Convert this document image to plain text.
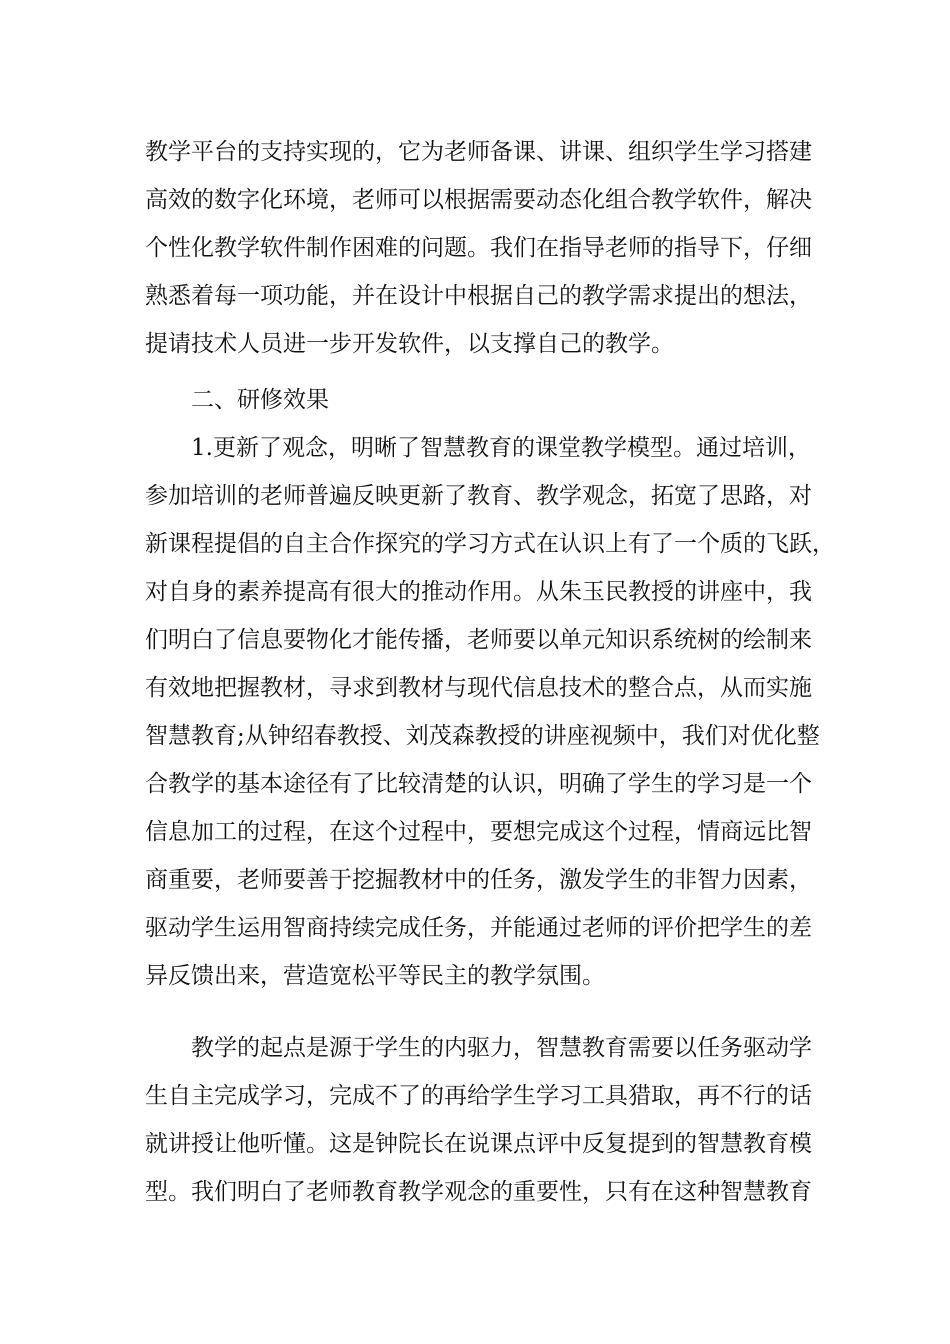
教学平台的支持实现的，它为老师备课、讲课、组织学生学习搭建
高效的数字化环境，老师可以根据需要动态化组合教学软件，解决
个性化教学软件制作困难的问题。我们在指导老师的指导下，仔细
熟悉着每一项功能，并在设计中根据自己的教学需求提出的想法，
提请技术人员进一步开发软件，以支撑自己的教学。
二、研修效果
1.更新了观念，明晰了智慧教育的课堂教学模型。通过培训，
参加培训的老师普遍反映更新了教育、教学观念，拓宽了思路，对
新课程提倡的自主合作探究的学习方式在认识上有了一个质的飞跃，
对自身的素养提高有很大的推动作用。从朱玉民教授的讲座中，我
们明白了信息要物化才能传播，老师要以单元知识系统树的绘制来
有效地把握教材，寻求到教材与现代信息技术的整合点，从而实施
智慧教育;从钟绍春教授、刘茂森教授的讲座视频中，我们对优化整
合教学的基本途径有了比较清楚的认识，明确了学生的学习是一个
信息加工的过程，在这个过程中，要想完成这个过程，情商远比智
商重要，老师要善于挖掘教材中的任务，激发学生的非智力因素，
驱动学生运用智商持续完成任务，并能通过老师的评价把学生的差
异反馈出来，营造宽松平等民主的教学氛围。
教学的起点是源于学生的内驱力，智慧教育需要以任务驱动学
生自主完成学习，完成不了的再给学生学习工具猎取，再不行的话
就讲授让他听懂。这是钟院长在说课点评中反复提到的智慧教育模
型。我们明白了老师教育教学观念的重要性，只有在这种智慧教育
